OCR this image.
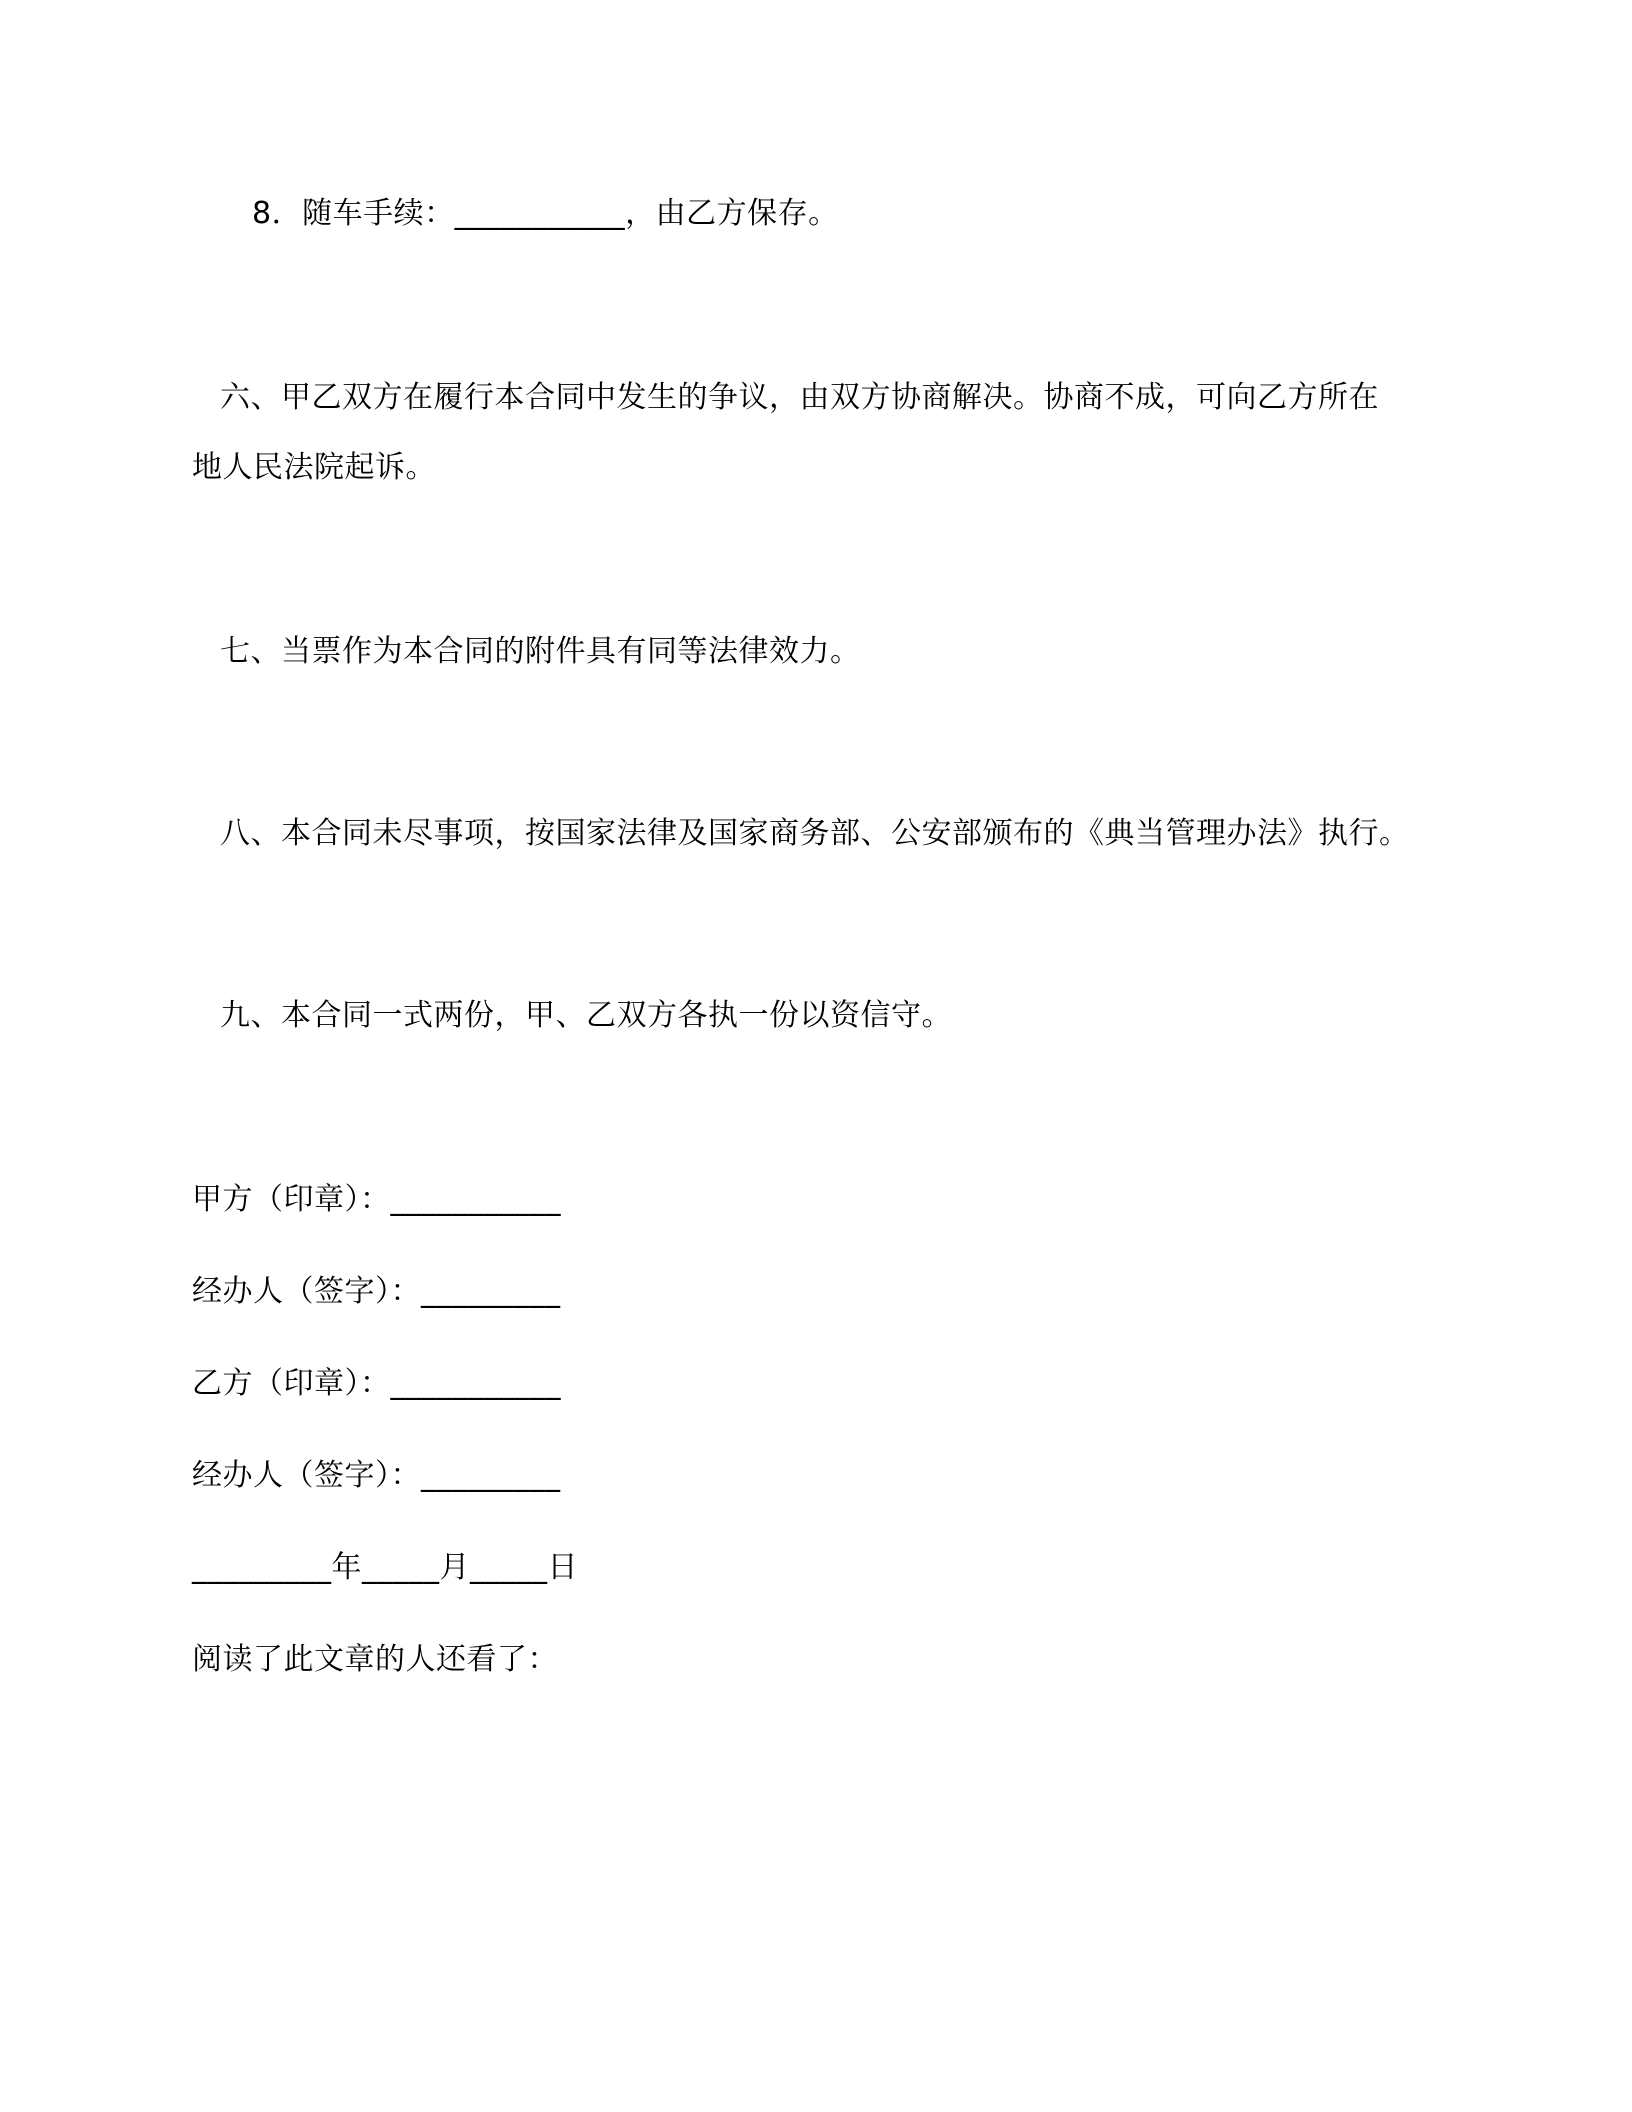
8．随车手续：___________，由乙方保存。
六、甲乙双方在履行本合同中发生的争议，由双方协商解决。协商不成，可向乙方所在
地人民法院起诉。
七、当票作为本合同的附件具有同等法律效力。
八、本合同未尽事项，按国家法律及国家商务部、公安部颁布的《典当管理办法》执行。
九、本合同一式两份，甲、乙双方各执一份以资信守。
甲方（印章）：___________
经办人（签字）：_________
乙方（印章）：___________
经办人（签字）：_________
_________年_____月_____日
阅读了此文章的人还看了：
